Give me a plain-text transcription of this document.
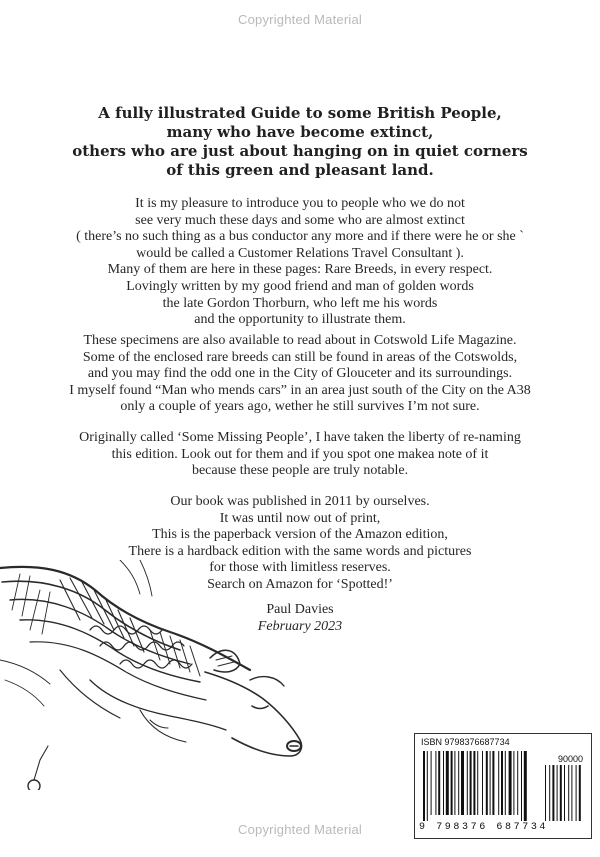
Copyrighted Material
A fully illustrated Guide to some British People,
many who have become extinct,
others who are just about hanging on in quiet corners
of this green and pleasant land.
It is my pleasure to introduce you to people who we do not
see very much these days and some who are almost extinct
( there’s no such thing as a bus conductor any more and if there were he or she `
would be called a Customer Relations Travel Consultant ).
Many of them are here in these pages: Rare Breeds, in every respect.
Lovingly written by my good friend and man of golden words
the late Gordon Thorburn, who left me his words
and the opportunity to illustrate them.
These specimens are also available to read about in Cotswold Life Magazine.
Some of the enclosed rare breeds can still be found in areas of the Cotswolds,
and you may find the odd one in the City of Glouceter and its surroundings.
I myself found “Man who mends cars” in an area just south of the City on the A38
only a couple of years ago, wether he still survives I’m not sure.
Originally called ‘Some Missing People’, I have taken the liberty of re-naming
this edition. Look out for them and if you spot one makea note of it
because these people are truly notable.
Our book was published in 2011 by ourselves.
It was until now out of print,
This is the paperback version of the Amazon edition,
There is a hardback edition with the same words and pictures
for those with limitless reserves.
Search on Amazon for ‘Spotted!’
Paul Davies
February 2023
ISBN 9798376687734
90000
9 798376 687734
Copyrighted Material
